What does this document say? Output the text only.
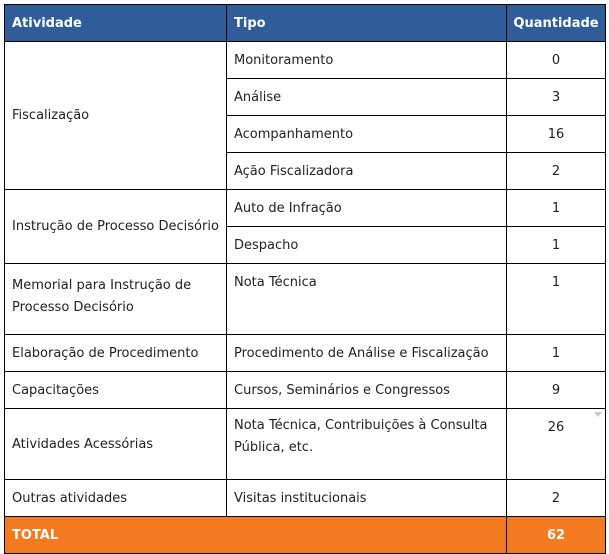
Atividade	Tipo	Quantidade
Fiscalização	Monitoramento	0
	Análise	3
	Acompanhamento	16
	Ação Fiscalizadora	2
Instrução de Processo Decisório	Auto de Infração	1
	Despacho	1
Memorial para Instrução de Processo Decisório	Nota Técnica	1
Elaboração de Procedimento	Procedimento de Análise e Fiscalização	1
Capacitações	Cursos, Seminários e Congressos	9
Atividades Acessórias	Nota Técnica, Contribuições à Consulta Pública, etc.	26

Outras atividades	Visitas institucionais	2
TOTAL		62
